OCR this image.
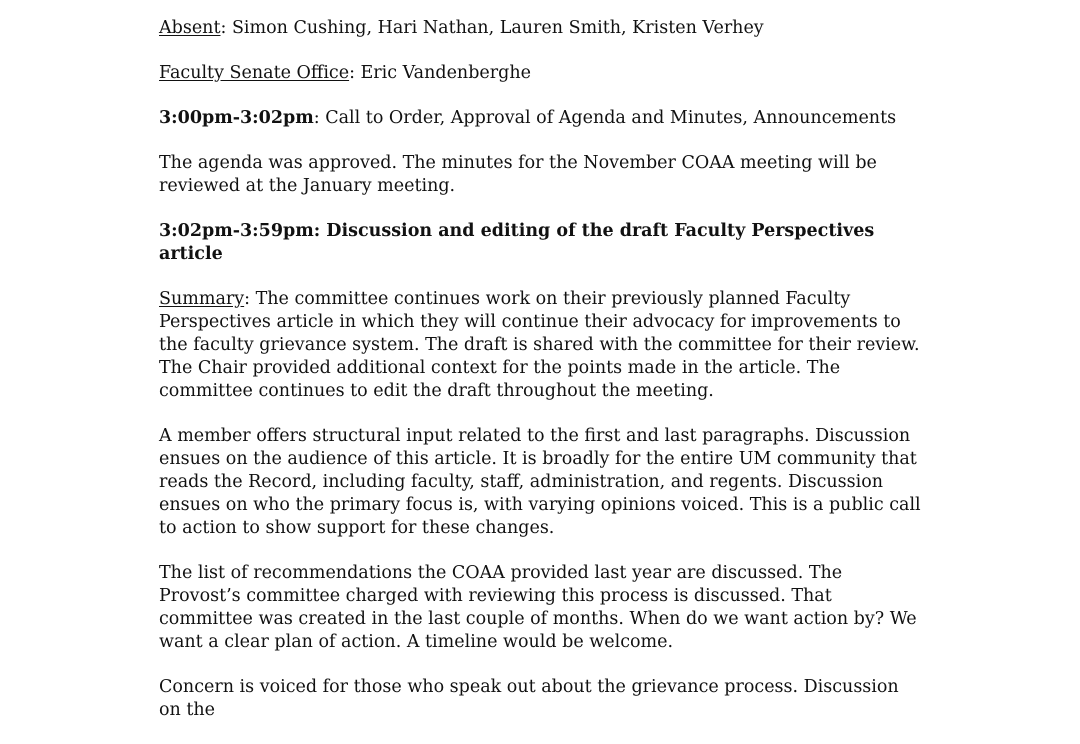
Absent: Simon Cushing, Hari Nathan, Lauren Smith, Kristen Verhey

Faculty Senate Office: Eric Vandenberghe

3:00pm-3:02pm: Call to Order, Approval of Agenda and Minutes, Announcements

The agenda was approved. The minutes for the November COAA meeting will be reviewed at the January meeting.

3:02pm-3:59pm: Discussion and editing of the draft Faculty Perspectives article

Summary: The committee continues work on their previously planned Faculty Perspectives article in which they will continue their advocacy for improvements to the faculty grievance system. The draft is shared with the committee for their review. The Chair provided additional context for the points made in the article. The committee continues to edit the draft throughout the meeting.

A member offers structural input related to the first and last paragraphs. Discussion ensues on the audience of this article. It is broadly for the entire UM community that reads the Record, including faculty, staff, administration, and regents. Discussion ensues on who the primary focus is, with varying opinions voiced. This is a public call to action to show support for these changes.

The list of recommendations the COAA provided last year are discussed. The Provost’s committee charged with reviewing this process is discussed. That committee was created in the last couple of months. When do we want action by? We want a clear plan of action. A timeline would be welcome.

Concern is voiced for those who speak out about the grievance process. Discussion on the
